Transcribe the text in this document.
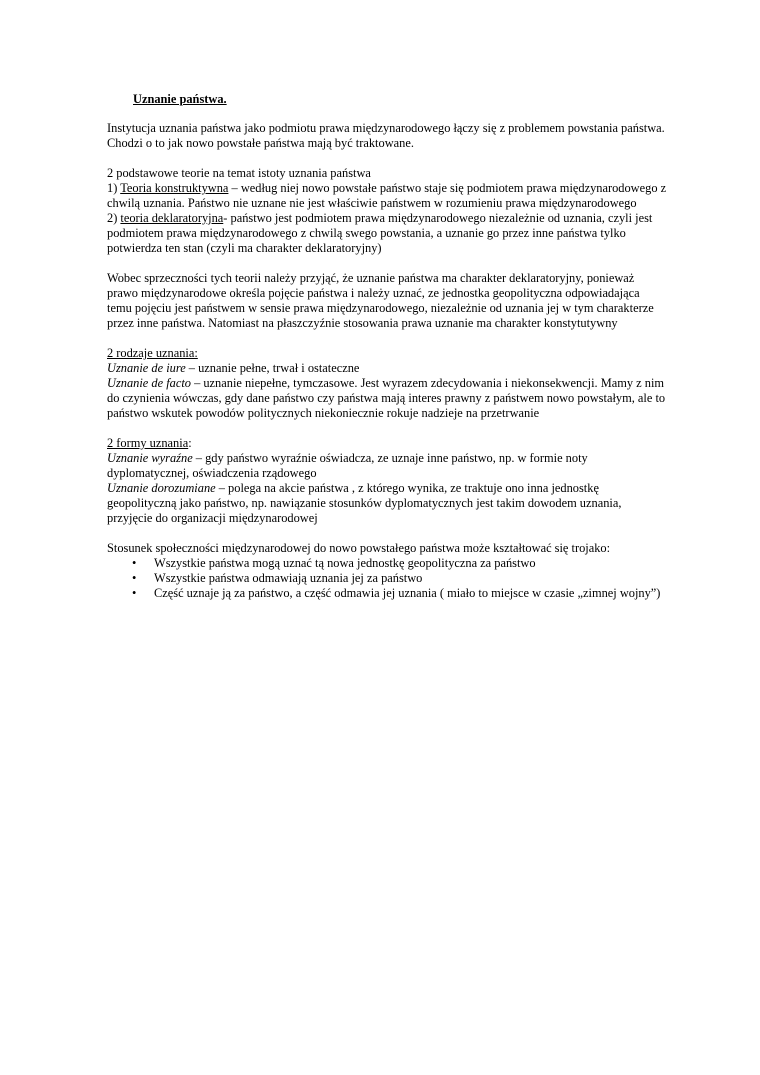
Uznanie państwa.

Instytucja uznania państwa jako podmiotu prawa międzynarodowego łączy się z problemem powstania państwa. Chodzi o to jak nowo powstałe państwa mają być traktowane.

2 podstawowe teorie na temat istoty uznania państwa

1) Teoria konstruktywna – według niej nowo powstałe państwo staje się podmiotem prawa międzynarodowego z chwilą uznania. Państwo nie uznane nie jest właściwie państwem w rozumieniu prawa międzynarodowego

2) teoria deklaratoryjna- państwo jest podmiotem prawa międzynarodowego niezależnie od uznania, czyli jest podmiotem prawa międzynarodowego z chwilą swego powstania, a uznanie go przez inne państwa tylko potwierdza ten stan (czyli ma charakter deklaratoryjny)

Wobec sprzeczności tych teorii należy przyjąć, że uznanie państwa ma charakter deklaratoryjny, ponieważ prawo międzynarodowe określa pojęcie państwa i należy uznać, ze jednostka geopolityczna odpowiadająca temu pojęciu jest państwem w sensie prawa międzynarodowego, niezależnie od uznania jej w tym charakterze przez inne państwa. Natomiast na płaszczyźnie stosowania prawa uznanie ma charakter konstytutywny

2 rodzaje uznania:

Uznanie de iure – uznanie pełne, trwał i ostateczne

Uznanie de facto – uznanie niepełne, tymczasowe. Jest wyrazem zdecydowania i niekonsekwencji. Mamy z nim do czynienia wówczas, gdy dane państwo czy państwa mają interes prawny z państwem nowo powstałym, ale to państwo wskutek powodów politycznych niekoniecznie rokuje nadzieje na przetrwanie

2 formy uznania:

Uznanie wyraźne – gdy państwo wyraźnie oświadcza, ze uznaje inne państwo, np. w formie noty dyplomatycznej, oświadczenia rządowego

Uznanie dorozumiane – polega na akcie państwa , z którego wynika, ze traktuje ono inna jednostkę geopolityczną jako państwo, np. nawiązanie stosunków dyplomatycznych jest takim dowodem uznania, przyjęcie do organizacji międzynarodowej

Stosunek społeczności międzynarodowej do nowo powstałego państwa może kształtować się trojako:

• Wszystkie państwa mogą uznać tą nowa jednostkę geopolityczna za państwo
• Wszystkie państwa odmawiają uznania jej za państwo
• Część uznaje ją za państwo, a część odmawia jej uznania ( miało to miejsce w czasie „zimnej wojny”)
